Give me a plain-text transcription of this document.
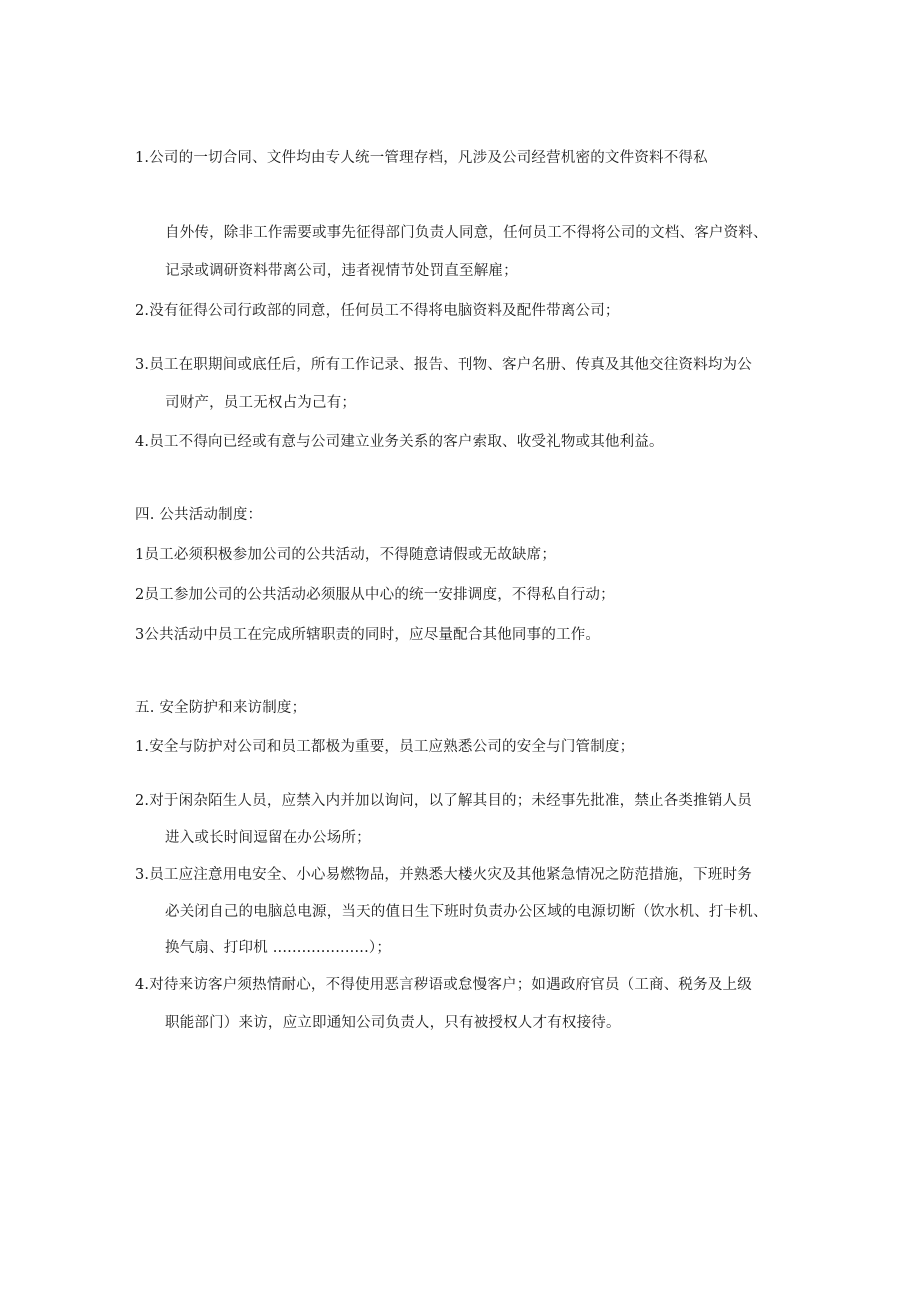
1.公司的一切合同、文件均由专人统一管理存档，凡涉及公司经营机密的文件资料不得私
自外传，除非工作需要或事先征得部门负责人同意，任何员工不得将公司的文档、客户资料、
记录或调研资料带离公司，违者视情节处罚直至解雇；
2.没有征得公司行政部的同意，任何员工不得将电脑资料及配件带离公司；
3.员工在职期间或底任后，所有工作记录、报告、刊物、客户名册、传真及其他交往资料均为公
司财产，员工无权占为己有；
4.员工不得向已经或有意与公司建立业务关系的客户索取、收受礼物或其他利益。
四. 公共活动制度：
1员工必须积极参加公司的公共活动，不得随意请假或无故缺席；
2员工参加公司的公共活动必须服从中心的统一安排调度，不得私自行动；
3公共活动中员工在完成所辖职责的同时，应尽量配合其他同事的工作。
五. 安全防护和来访制度；
1.安全与防护对公司和员工都极为重要，员工应熟悉公司的安全与门管制度；
2.对于闲杂陌生人员，应禁入内并加以询问，以了解其目的；未经事先批准，禁止各类推销人员
进入或长时间逗留在办公场所；
3.员工应注意用电安全、小心易燃物品，并熟悉大楼火灾及其他紧急情况之防范措施，下班时务
必关闭自己的电脑总电源，当天的值日生下班时负责办公区域的电源切断（饮水机、打卡机、
换气扇、打印机 ....................）；
4.对待来访客户须热情耐心，不得使用恶言秽语或怠慢客户；如遇政府官员（工商、税务及上级
职能部门）来访，应立即通知公司负责人，只有被授权人才有权接待。
